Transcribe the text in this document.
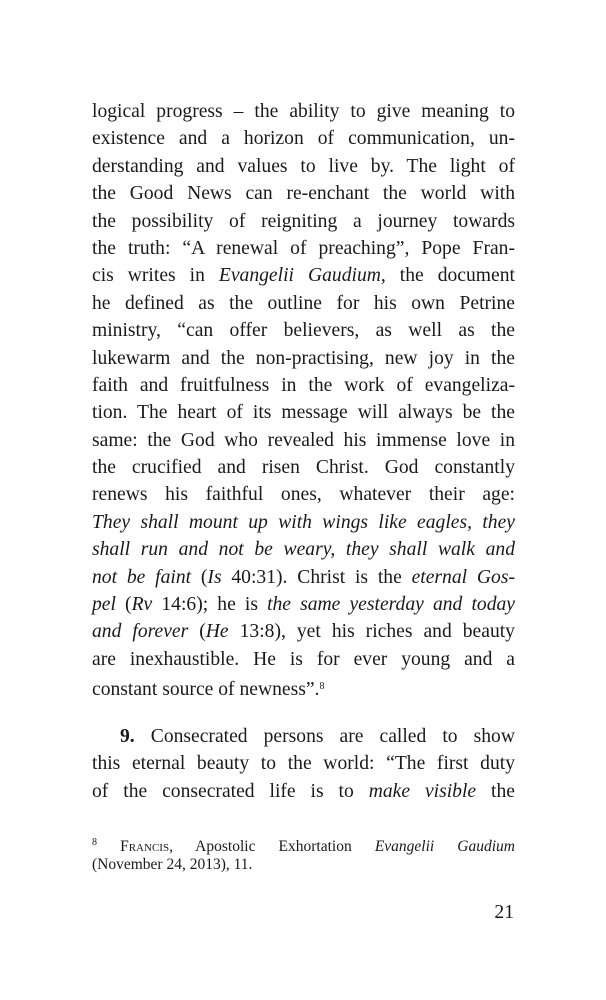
logical progress – the ability to give meaning to
existence and a horizon of communication, un-
derstanding and values to live by. The light of
the Good News can re-enchant the world with
the possibility of reigniting a journey towards
the truth: “A renewal of preaching”, Pope Fran-
cis writes in Evangelii Gaudium, the document
he defined as the outline for his own Petrine
ministry, “can offer believers, as well as the
lukewarm and the non-practising, new joy in the
faith and fruitfulness in the work of evangeliza-
tion. The heart of its message will always be the
same: the God who revealed his immense love in
the crucified and risen Christ. God constantly
renews his faithful ones, whatever their age:
They shall mount up with wings like eagles, they
shall run and not be weary, they shall walk and
not be faint (Is 40:31). Christ is the eternal Gos-
pel (Rv 14:6); he is the same yesterday and today
and forever (He 13:8), yet his riches and beauty
are inexhaustible. He is for ever young and a
constant source of newness”.$^8$
9. Consecrated persons are called to show
this eternal beauty to the world: “The first duty
of the consecrated life is to make visible the
$^8$ Francis, Apostolic Exhortation Evangelii Gaudium
(November 24, 2013), 11.
21
